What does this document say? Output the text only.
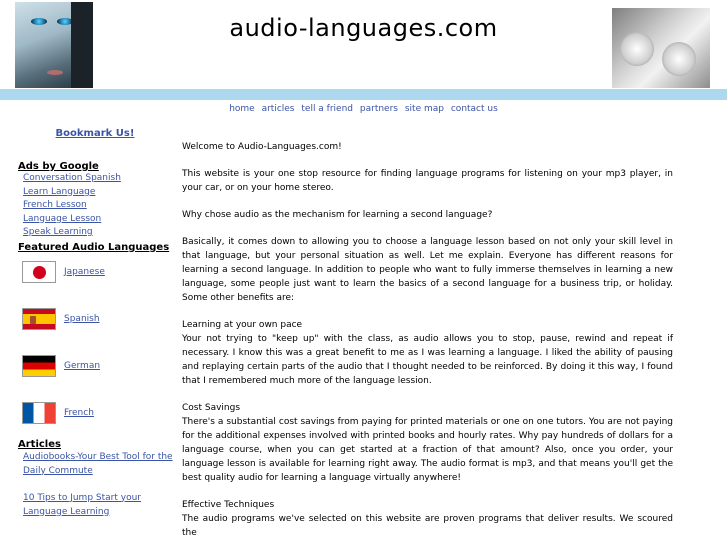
audio-languages.com
home articles tell a friend partners site map contact us
Bookmark Us!
Ads by Google
Conversation Spanish
Learn Language
French Lesson
Language Lesson
Speak Learning
Featured Audio Languages
Japanese
Spanish
German
French
Articles
Audiobooks-Your Best Tool for the Daily Commute
10 Tips to Jump Start your Language Learning

Welcome to Audio-Languages.com!

This website is your one stop resource for finding language programs for listening on your mp3 player, in your car, or on your home stereo.

Why chose audio as the mechanism for learning a second language?

Basically, it comes down to allowing you to choose a language lesson based on not only your skill level in that language, but your personal situation as well. Let me explain. Everyone has different reasons for learning a second language. In addition to people who want to fully immerse themselves in learning a new language, some people just want to learn the basics of a second language for a business trip, or holiday. Some other benefits are:

Learning at your own pace

Your not trying to "keep up" with the class, as audio allows you to stop, pause, rewind and repeat if necessary. I know this was a great benefit to me as I was learning a language. I liked the ability of pausing and replaying certain parts of the audio that I thought needed to be reinforced. By doing it this way, I found that I remembered much more of the language lession.

Cost Savings

There's a substantial cost savings from paying for printed materials or one on one tutors. You are not paying for the additional expenses involved with printed books and hourly rates. Why pay hundreds of dollars for a language course, when you can get started at a fraction of that amount? Also, once you order, your language lesson is available for learning right away. The audio format is mp3, and that means you'll get the best quality audio for learning a language virtually anywhere!

Effective Techniques

The audio programs we've selected on this website are proven programs that deliver results. We scoured the
